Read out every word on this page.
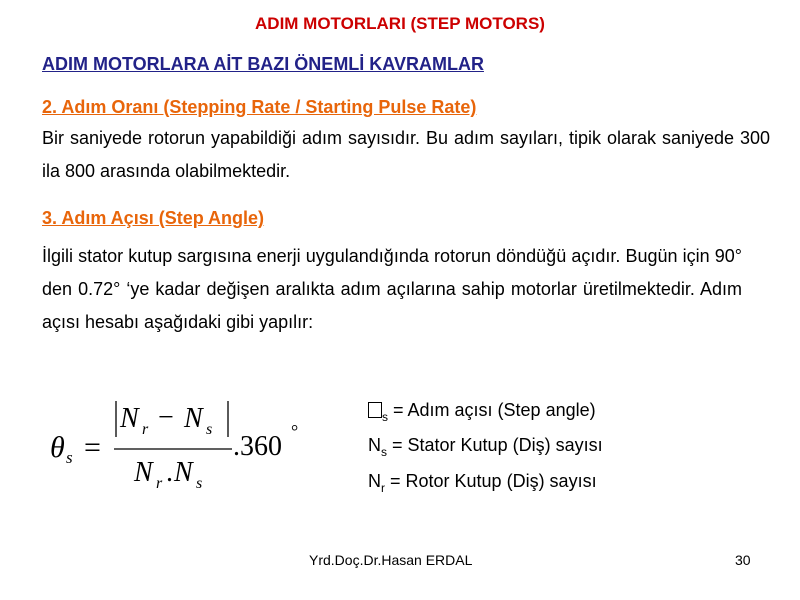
ADIM MOTORLARI (STEP MOTORS)
ADIM MOTORLARA AİT BAZI ÖNEMLİ KAVRAMLAR
2. Adım Oranı (Stepping Rate / Starting Pulse Rate)
Bir saniyede rotorun yapabildiği adım sayısıdır. Bu adım sayıları, tipik olarak saniyede 300 ila 800 arasında olabilmektedir.
3. Adım Açısı (Step Angle)
İlgili stator kutup sargısına enerji uygulandığında rotorun döndüğü açıdır. Bugün için 90° den 0.72° ‘ye kadar değişen aralıkta adım açılarına sahip motorlar üretilmektedir. Adım açısı hesabı aşağıdaki gibi yapılır:
θ s =
N r − N s
N r . N s
.360 °
$_s$ = Adım açısı (Step angle)
$N_s$ = Stator Kutup (Diş) sayısı
$N_r$ = Rotor Kutup (Diş) sayısı
Yrd.Doç.Dr.Hasan ERDAL	30
